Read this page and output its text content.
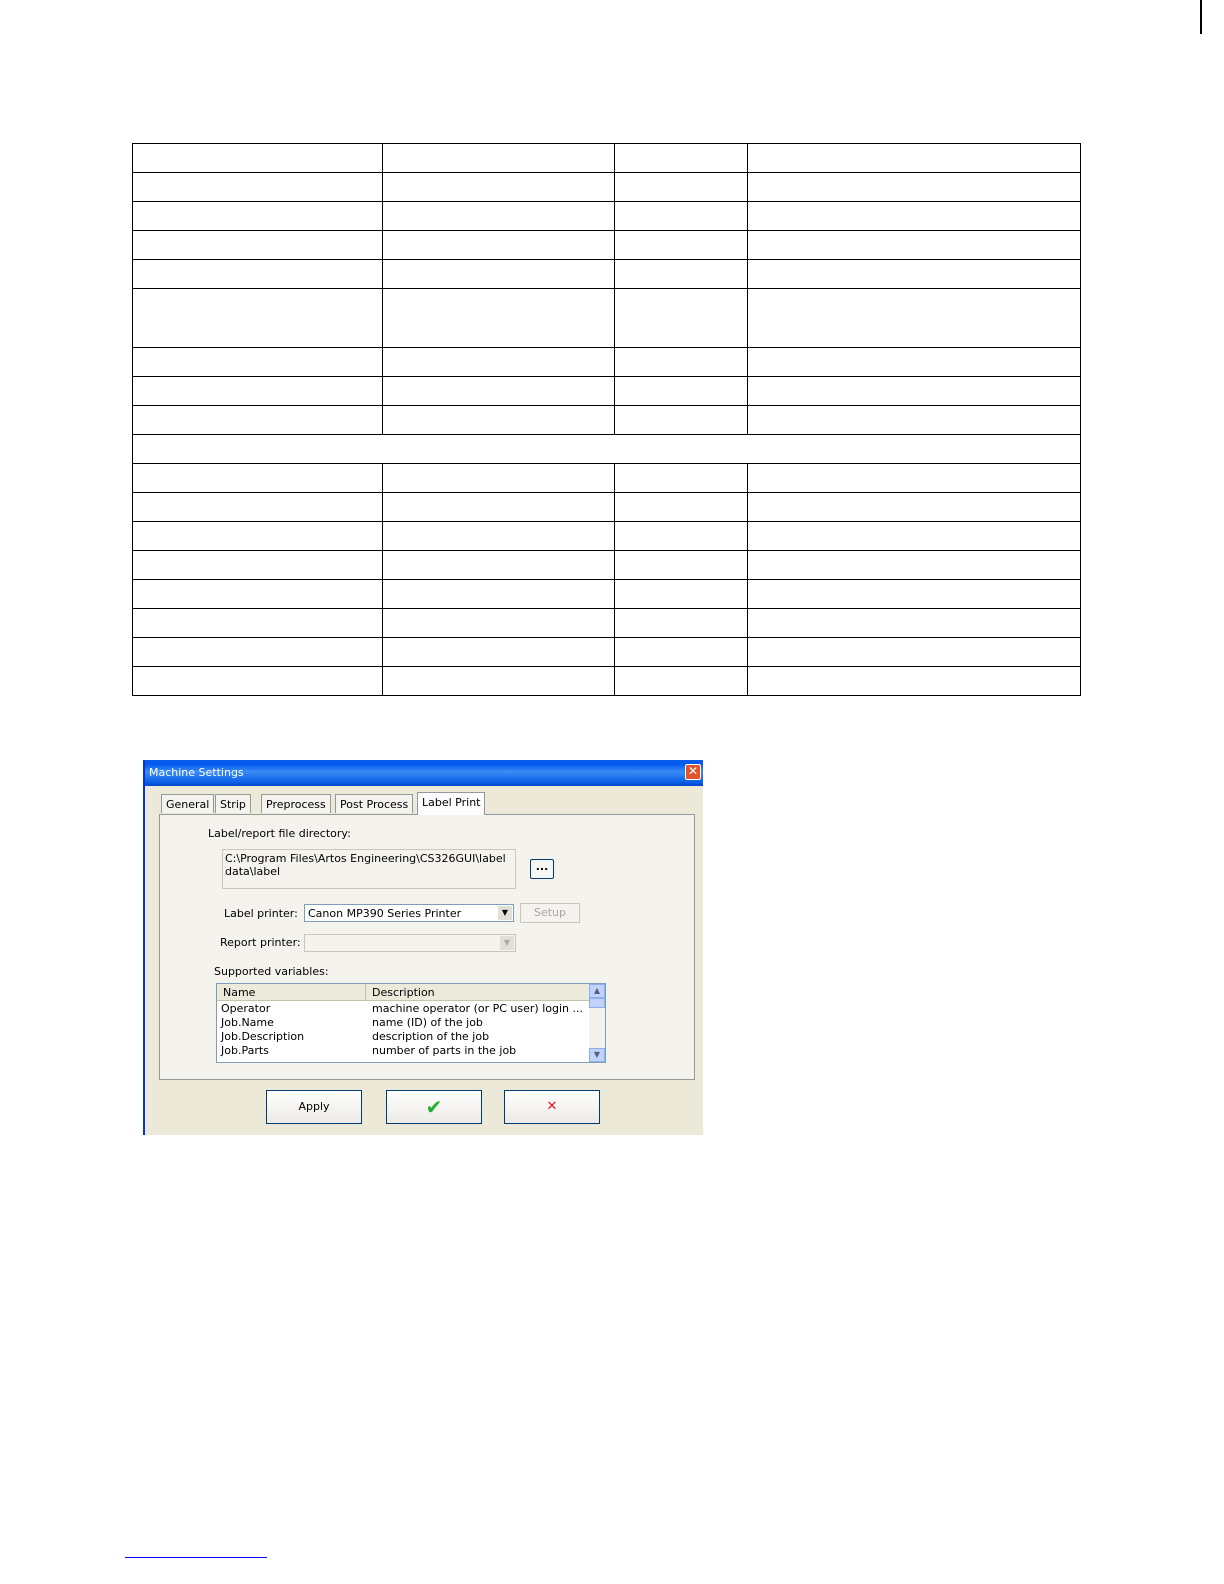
Machine Settings	✕
General Strip	Preprocess	Post Process	Label Print
Label/report file directory:
C:\Program Files\Artos Engineering\CS326GUI\label data\label	...
Label printer: Canon MP390 Series Printer	▼	Setup
Report printer:	▼
Supported variables:
Name	Description
Operator	machine operator (or PC user) login ...
Job.Name	name (ID) of the job
Job.Description	description of the job
Job.Parts	number of parts in the job
▲
▼
Apply	✔	✕
